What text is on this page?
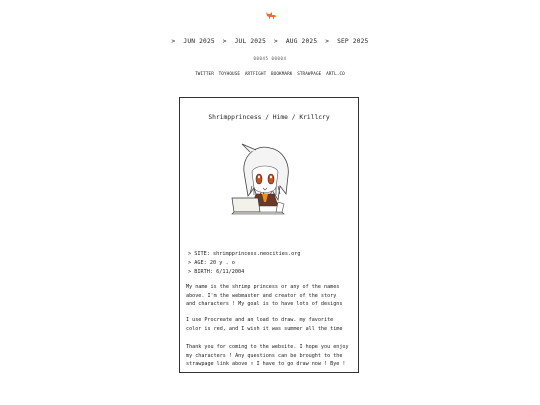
> JUN 2025 > JUL 2025 > AUG 2025 > SEP 2025
00045 00004
TWITTER TOYHOUSE ARTFIGHT BOOKMARK STRAWPAGE ARTL.CO
Shrimpprincess / Hime / Krillcry
> SITE: shrimpprincess.neocities.org
> AGE: 20 y . o
> BIRTH: 6/11/2004
My name is the shrimp princess or any of the names
above. I'm the webmaster and creator of the story
and characters ! My goal is to have lots of designs
I use Procreate and an load to draw. my favorite
color is red, and I wish it was summer all the time
Thank you for coming to the website. I hope you enjoy
my characters ! Any questions can be brought to the
strawpage link above ↑ I have to go draw now ! Bye !
